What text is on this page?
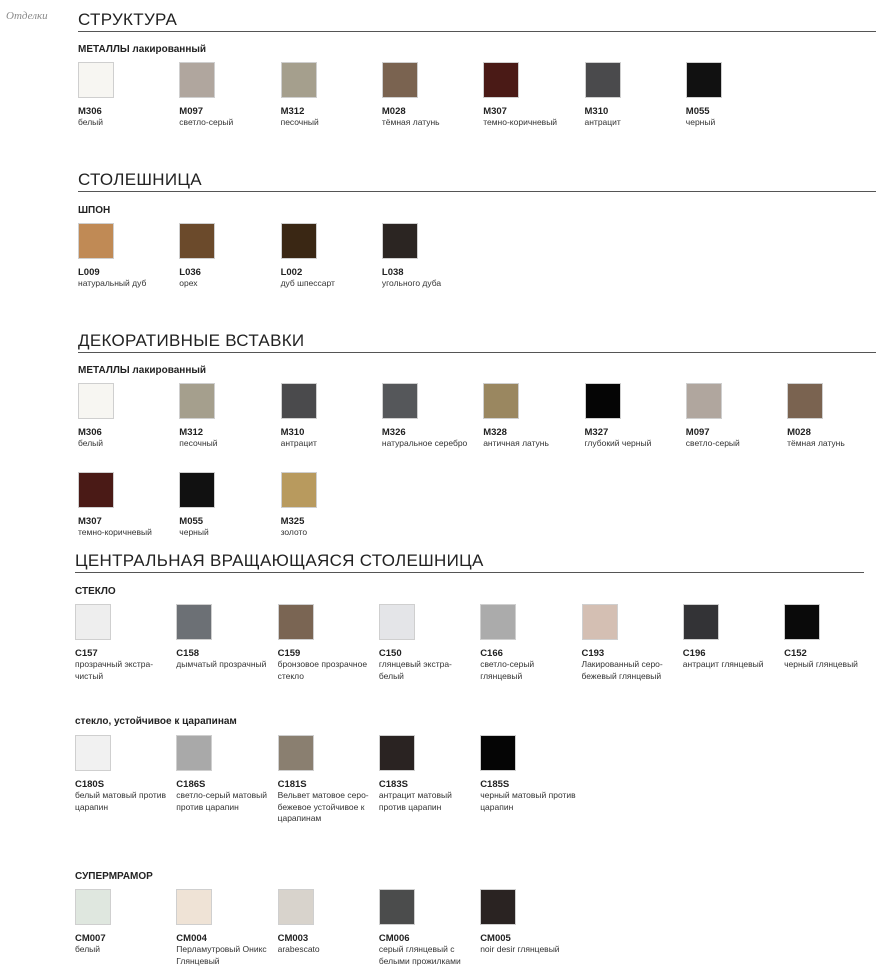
Отделки СТРУКТУРА
МЕТАЛЛЫ лакированный
СТОЛЕШНИЦА
ШПОН
ДЕКОРАТИВНЫЕ ВСТАВКИ
МЕТАЛЛЫ лакированный
ЦЕНТРАЛЬНАЯ ВРАЩАЮЩАЯСЯ СТОЛЕШНИЦА
СТЕКЛО
стекло, устойчивое к царапинам
СУПЕРМРАМОР
M306
белый
M097
светло-серый
M312
песочный
M028
тёмная латунь
M307
темно-коричневый
M310
антрацит
M055
черный
L009
натуральный дуб
L036
орех
L002
дуб шпессарт
L038
угольного дуба
M306
белый
M312
песочный
M310
антрацит
M326
натуральное серебро
M328
античная латунь
M327
глубокий черный
M097
светло-серый
M028
тёмная латунь
M307
темно-коричневый
M055
черный
M325
золото
C157
прозрачный экстра-чистый
C158
дымчатый прозрачный
C159
бронзовое прозрачное стекло
C150
глянцевый экстра-белый
C166
светло-серый глянцевый
C193
Лакированный серо-бежевый глянцевый
C196
антрацит глянцевый
C152
черный глянцевый
C180S
белый матовый против царапин
C186S
светло-серый матовый против царапин
C181S
Вельвет матовое серо-бежевое устойчивое к царапинам
C183S
антрацит матовый против царапин
C185S
черный матовый против царапин
CM007
белый
CM004
Перламутровый Оникс Глянцевый
CM003
arabescato
CM006
серый глянцевый с белыми прожилками
CM005
noir desir глянцевый
